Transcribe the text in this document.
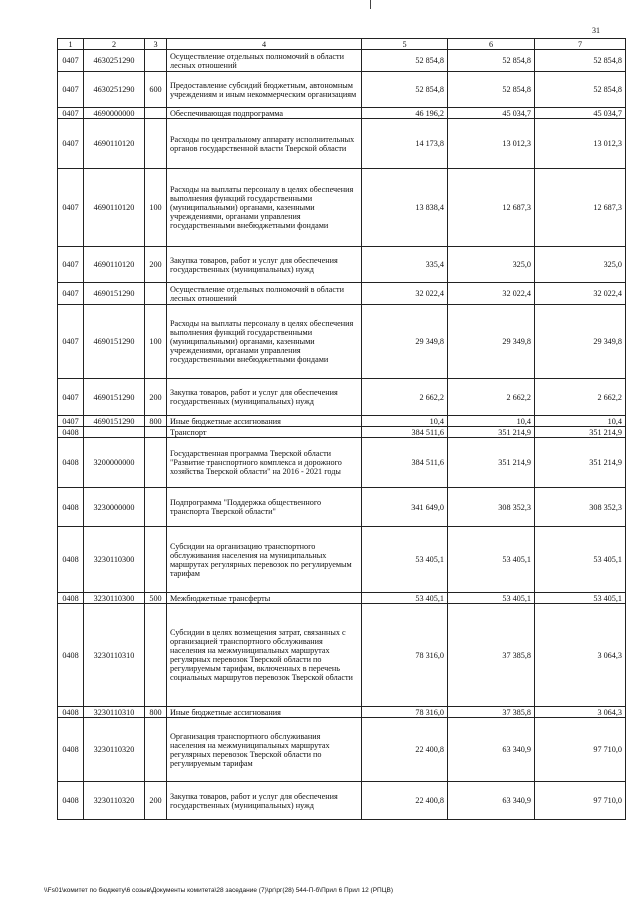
31
1	2	3	4	5	6	7
0407	4630251290		Осуществление отдельных полномочий в области лесных отношений	52 854,8	52 854,8	52 854,8
0407	4630251290	600	Предоставление субсидий бюджетным, автономным учреждениям и иным некоммерческим организациям	52 854,8	52 854,8	52 854,8
0407	4690000000		Обеспечивающая подпрограмма	46 196,2	45 034,7	45 034,7
0407	4690110120		Расходы по центральному аппарату исполнительных органов государственной власти Тверской области	14 173,8	13 012,3	13 012,3
0407	4690110120	100	Расходы на выплаты персоналу в целях обеспечения выполнения функций государственными (муниципальными) органами, казенными учреждениями, органами управления государственными внебюджетными фондами	13 838,4	12 687,3	12 687,3
0407	4690110120	200	Закупка товаров, работ и услуг для обеспечения государственных (муниципальных) нужд	335,4	325,0	325,0
0407	4690151290		Осуществление отдельных полномочий в области лесных отношений	32 022,4	32 022,4	32 022,4
0407	4690151290	100	Расходы на выплаты персоналу в целях обеспечения выполнения функций государственными (муниципальными) органами, казенными учреждениями, органами управления государственными внебюджетными фондами	29 349,8	29 349,8	29 349,8
0407	4690151290	200	Закупка товаров, работ и услуг для обеспечения государственных (муниципальных) нужд	2 662,2	2 662,2	2 662,2
0407	4690151290	800	Иные бюджетные ассигнования	10,4	10,4	10,4
0408			Транспорт	384 511,6	351 214,9	351 214,9
0408	3200000000		Государственная программа Тверской области "Развитие транспортного комплекса и дорожного хозяйства Тверской области" на 2016 - 2021 годы	384 511,6	351 214,9	351 214,9
0408	3230000000		Подпрограмма "Поддержка общественного транспорта Тверской области"	341 649,0	308 352,3	308 352,3
0408	3230110300		Субсидии на организацию транспортного обслуживания населения на муниципальных маршрутах регулярных перевозок по регулируемым тарифам	53 405,1	53 405,1	53 405,1
0408	3230110300	500	Межбюджетные трансферты	53 405,1	53 405,1	53 405,1
0408	3230110310		Субсидии в целях возмещения затрат, связанных с организацией транспортного обслуживания населения на межмуниципальных маршрутах регулярных перевозок Тверской области по регулируемым тарифам, включенных в перечень социальных маршрутов перевозок Тверской области	78 316,0	37 385,8	3 064,3
0408	3230110310	800	Иные бюджетные ассигнования	78 316,0	37 385,8	3 064,3
0408	3230110320		Организация транспортного обслуживания населения на межмуниципальных маршрутах регулярных перевозок Тверской области по регулируемым тарифам	22 400,8	63 340,9	97 710,0
0408	3230110320	200	Закупка товаров, работ и услуг для обеспечения государственных (муниципальных) нужд	22 400,8	63 340,9	97 710,0
\\Fs01\комитет по бюджету\6 созыв\Документы комитета\28 заседание (7)\рг\рг(28) 544-П-б\Прил 6 Прил 12 (РПЦВ)
